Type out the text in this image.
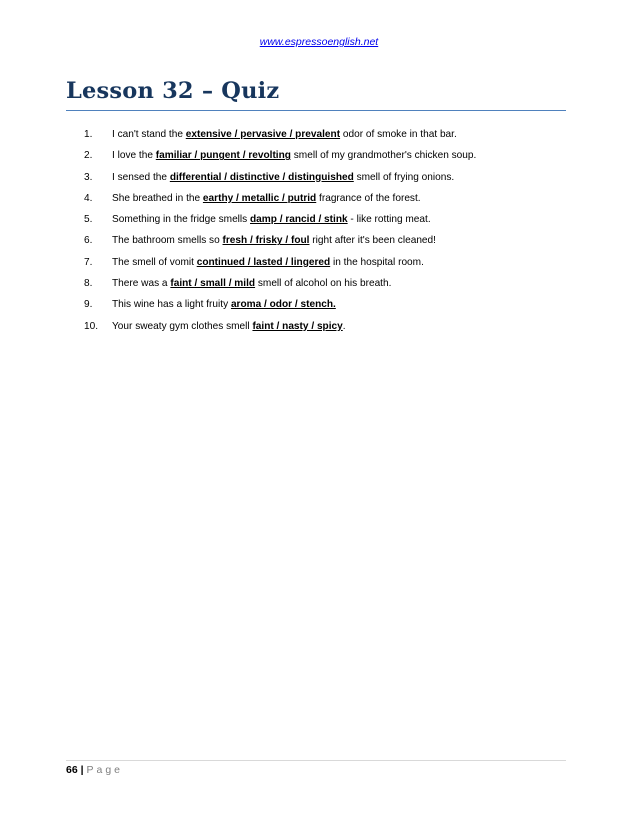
www.espressoenglish.net
Lesson 32 – Quiz
1.	I can't stand the extensive / pervasive / prevalent odor of smoke in that bar.
2.	I love the familiar / pungent / revolting smell of my grandmother's chicken soup.
3.	I sensed the differential / distinctive / distinguished smell of frying onions.
4.	She breathed in the earthy / metallic / putrid fragrance of the forest.
5.	Something in the fridge smells damp / rancid / stink - like rotting meat.
6.	The bathroom smells so fresh / frisky / foul right after it's been cleaned!
7.	The smell of vomit continued / lasted / lingered in the hospital room.
8.	There was a faint / small / mild smell of alcohol on his breath.
9.	This wine has a light fruity aroma / odor / stench.
10.	Your sweaty gym clothes smell faint / nasty / spicy.
66 | Page
